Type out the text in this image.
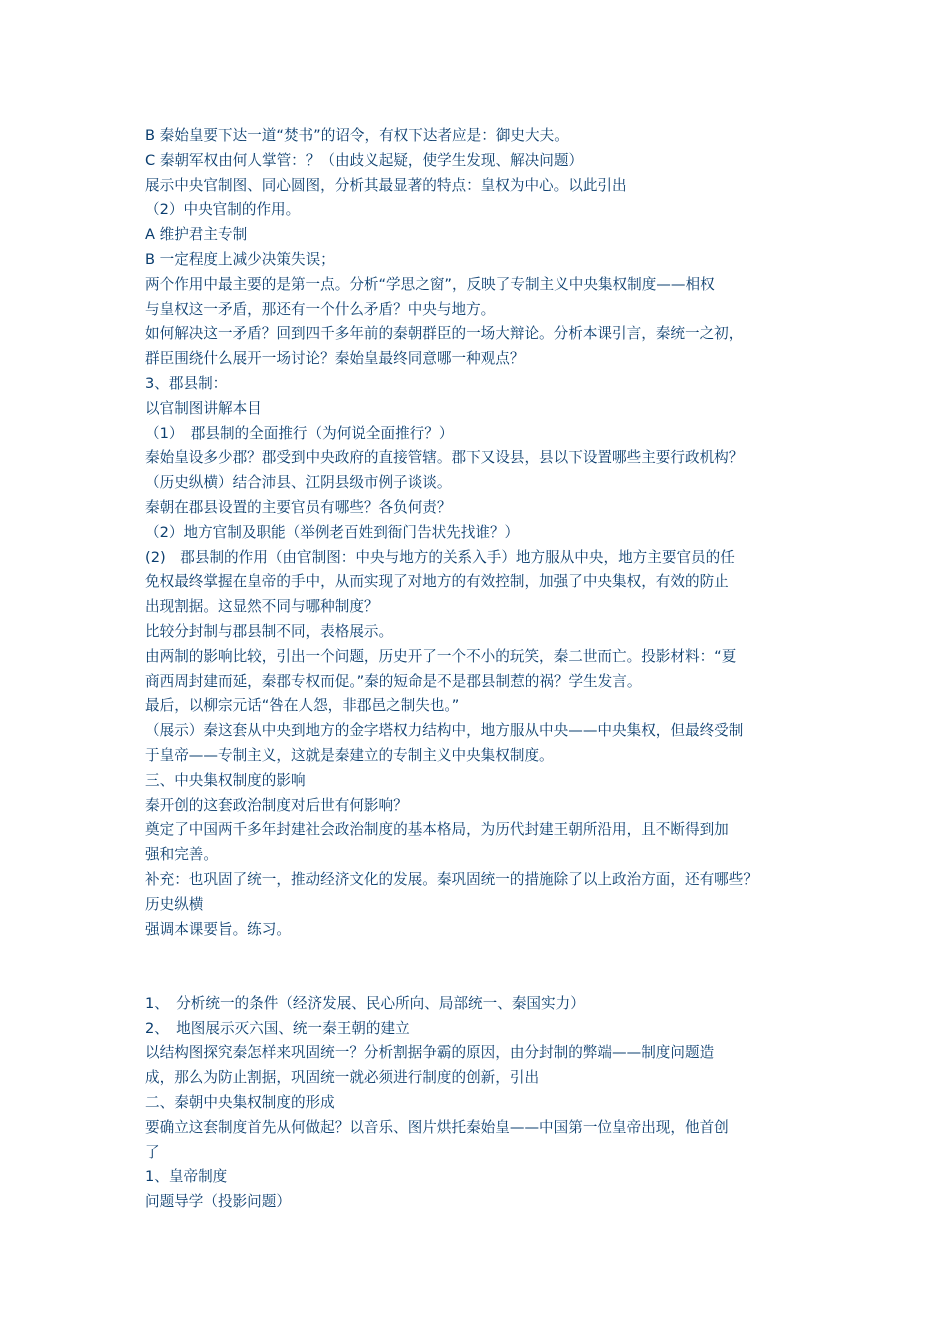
B 秦始皇要下达一道“焚书”的诏令，有权下达者应是：御史大夫。
C 秦朝军权由何人掌管：？（由歧义起疑，使学生发现、解决问题）
展示中央官制图、同心圆图，分析其最显著的特点：皇权为中心。以此引出
（2）中央官制的作用。
A 维护君主专制
B 一定程度上减少决策失误；
两个作用中最主要的是第一点。分析“学思之窗”，反映了专制主义中央集权制度——相权
与皇权这一矛盾，那还有一个什么矛盾？中央与地方。
如何解决这一矛盾？回到四千多年前的秦朝群臣的一场大辩论。分析本课引言，秦统一之初，
群臣围绕什么展开一场讨论？秦始皇最终同意哪一种观点？
3、郡县制：
以官制图讲解本目
（1）　郡县制的全面推行（为何说全面推行？）
秦始皇设多少郡？郡受到中央政府的直接管辖。郡下又设县，县以下设置哪些主要行政机构？
（历史纵横）结合沛县、江阴县级市例子谈谈。
秦朝在郡县设置的主要官员有哪些？各负何责？
（2）地方官制及职能（举例老百姓到衙门告状先找谁？）
(2)　郡县制的作用（由官制图：中央与地方的关系入手）地方服从中央，地方主要官员的任
免权最终掌握在皇帝的手中，从而实现了对地方的有效控制，加强了中央集权，有效的防止
出现割据。这显然不同与哪种制度？
比较分封制与郡县制不同，表格展示。
由两制的影响比较，引出一个问题，历史开了一个不小的玩笑，秦二世而亡。投影材料：“夏
商西周封建而延，秦郡专权而促。”秦的短命是不是郡县制惹的祸？学生发言。
最后，以柳宗元话“咎在人怨，非郡邑之制失也。”
（展示）秦这套从中央到地方的金字塔权力结构中，地方服从中央——中央集权，但最终受制
于皇帝——专制主义，这就是秦建立的专制主义中央集权制度。
三、中央集权制度的影响
秦开创的这套政治制度对后世有何影响？
奠定了中国两千多年封建社会政治制度的基本格局，为历代封建王朝所沿用，且不断得到加
强和完善。
补充：也巩固了统一，推动经济文化的发展。秦巩固统一的措施除了以上政治方面，还有哪些？
历史纵横
强调本课要旨。练习。
1、　分析统一的条件（经济发展、民心所向、局部统一、秦国实力）
2、　地图展示灭六国、统一秦王朝的建立
以结构图探究秦怎样来巩固统一？分析割据争霸的原因，由分封制的弊端——制度问题造
成，那么为防止割据，巩固统一就必须进行制度的创新，引出
二、秦朝中央集权制度的形成
要确立这套制度首先从何做起？以音乐、图片烘托秦始皇——中国第一位皇帝出现，他首创
了
1、皇帝制度
问题导学（投影问题）
